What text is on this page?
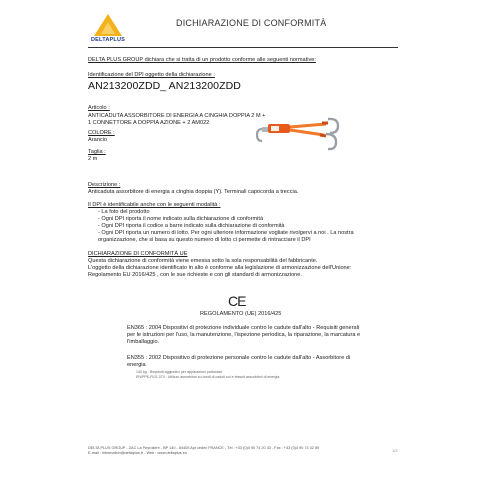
DELTAPLUS
DICHIARAZIONE DI CONFORMITÀ
DELTA PLUS GROUP dichiara che si tratta di un prodotto conforme alle seguenti normative:
Identificazione del DPI oggetto della dichiarazione :
AN213200ZDD_ AN213200ZDD
Articolo :
ANTICADUTA ASSORBITORE DI ENERGIA A CINGHIA DOPPIA 2 M +
1 CONNETTORE A DOPPIA AZIONE + 2 AM022
COLORE :
Arancio
Taglia :
2 m
Descrizione :
Anticaduta assorbitore di energia a cinghia doppia (Y). Terminali capocorda a treccia.
Il DPI è identificabile anche con le seguenti modalità :
- La foto del prodotto
- Ogni DPI riporta il nome indicato sulla dichiarazione di conformità
- Ogni DPI riporta il codice a barre indicato sulla dichiarazione di conformità
- Ogni DPI riporta un numero di lotto. Per ogni ulteriore informazione vogliate rivolgervi a noi . La nostra
organizzazione, che si basa su questo numero di lotto ci permette di rintracciare il DPI
DICHIARAZIONE DI CONFORMITÀ UE
Questa dichiarazione di conformità viene emessa sotto la sola responsabilità del fabbricante.
L'oggetto della dichiarazione identificato in alto è conforme alla legislazione di armonizzazione dell'Unione:
Regolamento EU 2016/425 , con le sue richieste e con gli standard di armonizzazione.
CE
REGOLAMENTO (UE) 2016/425
EN365 : 2004 Dispositivi di protezione individuale contro le cadute dall'alto - Requisiti generali
per le istruzioni per l'uso, la manutenzione, l'ispezione periodica, la riparazione, la marcatura e
l'imballaggio.
EN355 : 2002 Dispositivo di protezione personale contro le cadute dall'alto - Assorbitore di
energia
140 kg : Requisiti aggiuntivi per applicazioni particolari
EN/PPE-R/11.074 : Utilizzo assorbitori su bordi di caduti sui e tessuti assorbitori di energia
DELTA PLUS GROUP - ZAC La Peyrolière - BP 140 - 84405 Apt cedex FRANCE - Tél : +33 (0)4 90 74 20 33 - Fax : +33 (0)4 90 74 32 59
E-mail : information@deltaplus.fr - Web : www.deltaplus.eu	1/2
